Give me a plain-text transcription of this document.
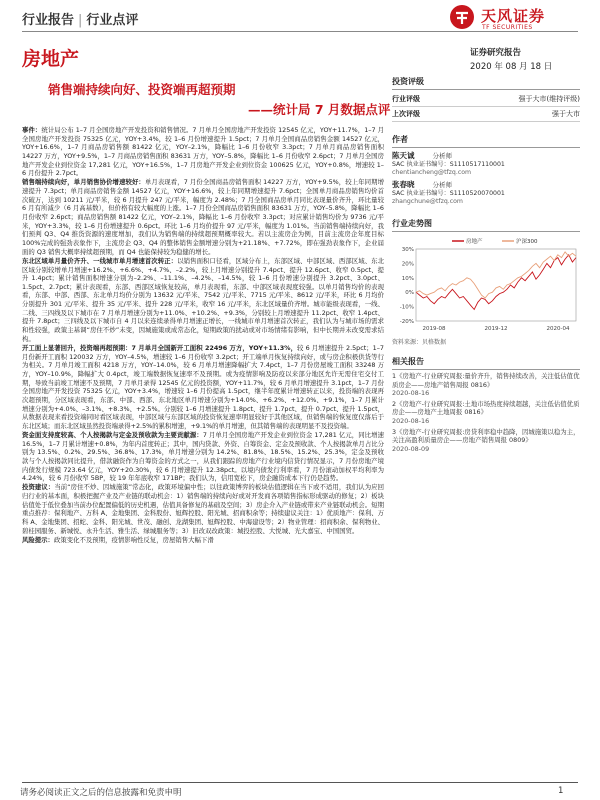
行业报告 | 行业点评	天风证券
TF SECURITIES
房地产	证券研究报告
2020 年 08 月 18 日
销售端持续向好、投资端再超预期
——统计局 7 月数据点评

事件：统计局公布 1–7 月全国房地产开发投资和销售情况。7 月单月全国房地产开发投资 12545 亿元，YOY+11.7%，1–7 月全国房地产开发投资 75325 亿元，YOY+3.4%，较 1–6 月份增速提升 1.5pct；7 月单月全国商品房销售金额 14527 亿元，YOY+16.6%，1–7 月商品房销售额 81422 亿元，YOY–2.1%，降幅比 1–6 月份收窄 3.3pct；7 月单月商品房销售面积 14227 万方，YOY+9.5%，1–7 月商品房销售面积 83631 万方，YOY–5.8%，降幅比 1–6 月份收窄 2.6pct；7 月单月全国房地产开发企业到位资金 17,281 亿元，YOY+16.5%，1–7 月房地产开发企业到位资金 100625 亿元，YOY+0.8%，增速较 1–6 月份提升 2.7pct。

销售端持续向好，单月销售协价增速较好：单月表现看，7 月份全国商品房销售面积 14227 万方，YOY+9.5%，较上年同期增速提升 7.3pct；单月商品房销售金额 14527 亿元，YOY+16.6%，较上年同期增速提升 7.6pct；全国单月商品房销售均价首次破万，达到 10211 元/平米，较 6 月提升 247 元/平米，幅度为 2.48%；7 月全国商品房单月同比表现量价齐升，环比量较 6 月有所减少（6 月高基数），但价格有较大幅度的上涨。1–7 月份全国商品房销售面积 83631 万方，YOY–5.8%，降幅比 1–6 月份收窄 2.6pct；商品房销售额 81422 亿元，YOY–2.1%，降幅比 1–6 月份收窄 3.3pct；对应累计销售均价为 9736 元/平米，YOY+3.3%，较 1–6 月份增速提升 0.6pct。环比 1–6 月均价提升 97 元/平米，幅度为 1.01%。当前销售端持续向好，我们预判 Q3、Q4 推货资源的速度增加，我们认为销售端的持续超预期概率较大。若以主流房企为例，目前主流房企年度目标 100%完成的强劲表象作下，主流房企 Q3、Q4 的整体销售金额增速分别为+21.18%、+7.72%，即在强劲表象作下，企业届面的 Q3 销售大概率持续超预期，而 Q4 也能保持较为稳健的增长。

东北区域单月量价齐升、一线城市单月增速首次转正：以销售面积口径看，区域分布上，东部区域、中部区域、西部区域、东北区域分别较增单月增速+16.2%、+6.6%、+4.7%、–2.2%，较上月增速分别提升 7.4pct、提升 12.6pct、收窄 0.5pct、提升 1.4pct；累计销售面积增速分别为–2.2%、–11.1%、–4.2%、–14.5%，较 1–6 月份增速分别提升 3.2pct、3.0pct、1.5pct、2.7pct；累计表现看，东部、西部区域恢复较高，单月表现看，东部、中部区域表现度较强。以单月销售均价的表现看，东部、中部、西部、东北单月均价分别为 13632 元/平米、7542 元/平米、7715 元/平米、8612 元/平米，环比 6 月均价分别提升 301 元/平米、提升 35 元/平米、提升 228 元/平米，收窄 16 元/平米，东北区域量价齐增。城市能级表现看，一线、二线、三四线及以下城市在 7 月单月增速分别为+11.0%、+10.2%、+9.3%，分别较上月增速提升 11.2pct、收窄 1.4pct、提升 7.8pct；三四线及以下城市自 4 月以来连续录得单月增速正增长，一线城市单月增速首次转正，我们认为与城市场的需求和性较强，政策主基调“房住不炒”未变，因城施策或成常态化，短期政策的扰动或对市场情绪有影响，但中长期并未改变需求结构。

开工面上显著回升，投资端再超预期：7 月单月全国新开工面积 22496 万方，YOY+11.3%，较 6 月增速提升 2.5pct；1–7 月份新开工面积 120032 万方，YOY–4.5%，增速较 1–6 月份收窄 3.2pct；开工端单月恢复持续向好，或与房企积极供货等行为相关。7 月单月竣工面积 4218 万方，YOY–14.0%，较 6 月单月增速降幅扩大 7.4pct，1–7 月份房屋竣工面积 33248 万方，YOY–10.9%，降幅扩大 0.4pct，竣工端数据恢复速率不及预期。或为疫情影响及防疫以来部分地区允许无需住宅交付工期，导致当前竣工增速不及预期，7 月单月录得 12545 亿元的投资额，YOY+11.7%，较 6 月单月增速提升 3.1pct，1–7 月份全国房地产开发投资 75325 亿元，YOY+3.4%，增速较 1–6 月份提高 1.5pct，继半年度累计增速转正以来，投资端的表现再次超预期，分区域表现看，东部、中部、西部、东北地区单月增速分别为+14.0%、+6.2%、+12.0%、+9.1%，1–7 月累计增速分别为+4.0%、–3.1%、+8.3%、+2.5%。分别较 1–6 月增速提升 1.8pct、提升 1.7pct、提升 0.7pct、提升 1.5pct，从数据表现来看投资端同时看区域表现，中部区域与东部区域的投资恢复速率明显较好于其他区域，但销售端的恢复度仅落后于东北区域；而东北区域虽然投资端录得+2.5%的累积增速，+9.1%的单月增速，但其销售端的表现明显不及投资端。

资金面支持度较高、个人按揭款与定金及预收款为主要贡献源：7 月单月全国房地产开发企业到位资金 17,281 亿元，同比增速 16.5%，1–7 月累计增速+0.8%，为年内首度转正；其中，国内贷款、外资、自筹资金、定金及预收款、个人按揭款单月占比分别为 13.5%、0.2%、29.5%、36.8%、17.3%，单月增速分别为 14.2%、81.8%、18.5%、15.2%、25.3%，定金及预收款与个人按揭款同比提升，借款融资作为自筹资金的方式之一，从我们跟踪的房地产行业境内信贷行情况显示，7 月份房地产境内债发行规模 723.64 亿元，YOY+20.30%，较 6 月增速提升 12.38pct。以境内债发行利率看，7 月份滚动加权平均利率为 4.24%，较 6 月份收窄 5BP，较 19 年年底收窄 171BP；我们认为，信用宽松下，房企融资成本下行仍是趋势。

投资建议：当前“房住不炒、因城施策”常态化，政策环境偏中性；以往政策博弈的板块估值逻辑在当下或不适用，我们认为应回归行业的基本面，积极把握产业及产业链的联动机会：1）销售端的持续向好或对开发商各项销售指标形成驱动的修复；2）板块估值处于低位叠加当前办位配置偏低的历史机遇，估值具备修复的基础及空间；3）房企介入产业链或带来产业链联动机会。短期重点推荐：保利地产、万科 A、金地集团、金科股份、旭辉控股、阳光城、招商积余等；持续建议关注：1）优质地产：保利、万科 A、金地集团、招蛇、金科、阳光城、世茂、融创、龙湖集团、旭辉控股、中海建设等；2）物业管理：招商积余、保利物业、碧桂园服务、新城悦、永升生活、雅生活、绿城服务等；3）旧改双改政策：城投控股、大悦城、光大嘉宝、中国国贸。

风险提示：政策变化不及预期，疫情影响性反复，房屋销售大幅下滑

投资评级
行业评级	强于大市(维持评级)
上次评级	强于大市
作者
陈天诚	分析师
SAC 执业证书编号：S1110517110001
chentiancheng@tfzq.com
张春晓	分析师
SAC 执业证书编号：S1110520070001
zhangchune@tfzq.com
行业走势图
30%
20%
10%
0%
-10%
-20%
2019-08	2019-12	2020-04
房地产	沪深300
资料来源：贝格数据
相关报告
1《房地产-行业研究周报:量价齐升，销售持续改善，关注低估值优质房企——房地产销售周报 0816》
2020-08-16
2《房地产-行业研究周报:土地市场热度持续超越，关注低估值优质房企——房地产土地周报 0816》
2020-08-16
3《房地产-行业研究周报:房贷利率稳中趋降，因城施策以稳为主，关注高盈利质量房企——房地产销售周报 0809》
2020-08-09
请务必阅读正文之后的信息披露和免责申明	1
